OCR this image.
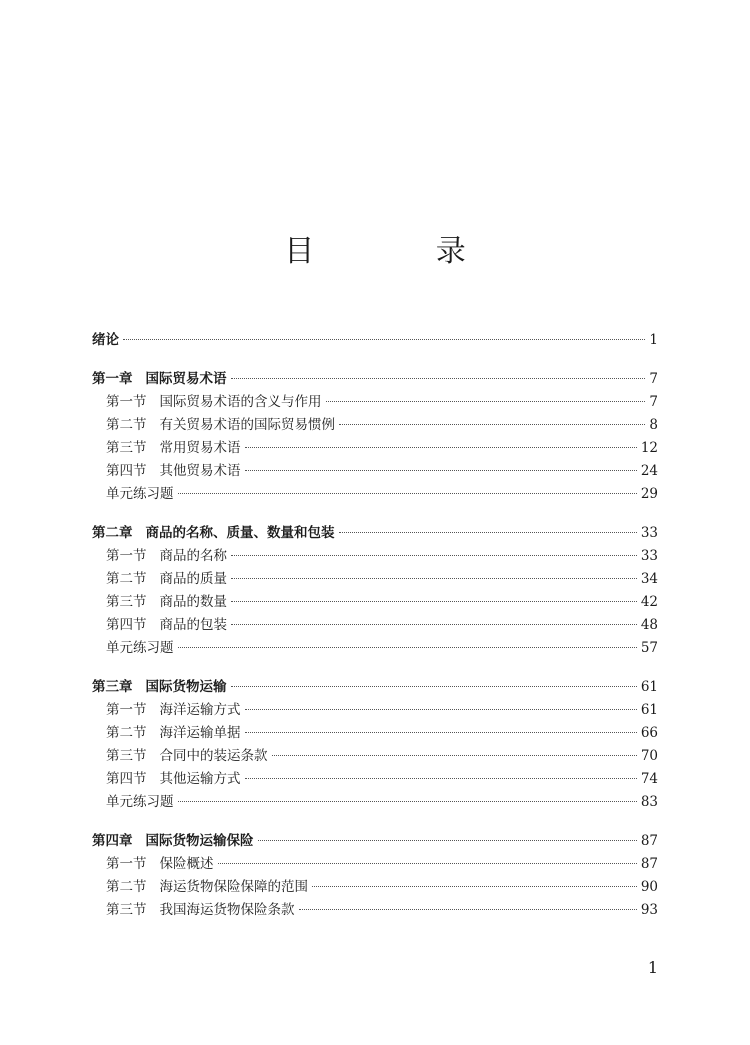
目 录
绪论	1
第一章 国际贸易术语	7
第一节 国际贸易术语的含义与作用	7
第二节 有关贸易术语的国际贸易惯例	8
第三节 常用贸易术语	12
第四节 其他贸易术语	24
单元练习题	29
第二章 商品的名称、质量、数量和包装	33
第一节 商品的名称	33
第二节 商品的质量	34
第三节 商品的数量	42
第四节 商品的包装	48
单元练习题	57
第三章 国际货物运输	61
第一节 海洋运输方式	61
第二节 海洋运输单据	66
第三节 合同中的装运条款	70
第四节 其他运输方式	74
单元练习题	83
第四章 国际货物运输保险	87
第一节 保险概述	87
第二节 海运货物保险保障的范围	90
第三节 我国海运货物保险条款	93
1
